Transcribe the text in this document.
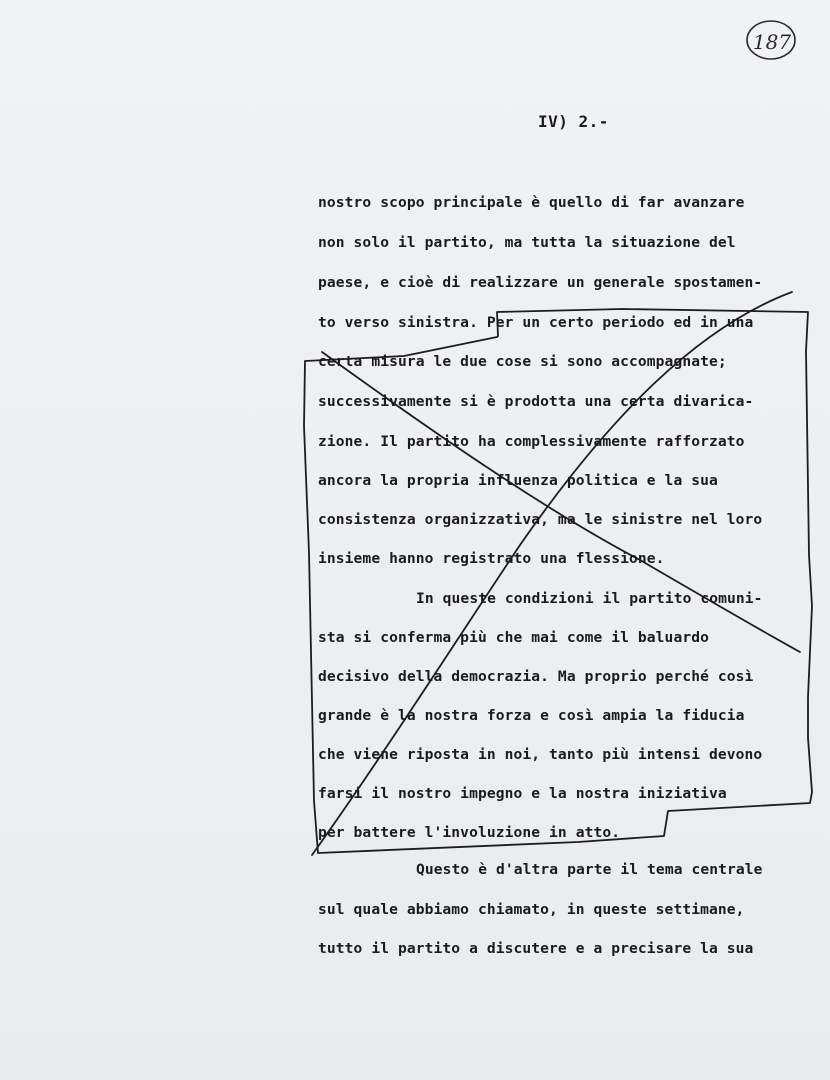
187
IV) 2.-
nostro scopo principale è quello di far avanzare
non solo il partito, ma tutta la situazione del
paese, e cioè di realizzare un generale spostamen-
to verso sinistra. Per un certo periodo ed in una
certa misura le due cose si sono accompagnate;
successivamente si è prodotta una certa divarica-
zione. Il partito ha complessivamente rafforzato
ancora la propria influenza politica e la sua
consistenza organizzativa, ma le sinistre nel loro
insieme hanno registrato una flessione.
In queste condizioni il partito comuni-
sta si conferma più che mai come il baluardo
decisivo della democrazia. Ma proprio perché così
grande è la nostra forza e così ampia la fiducia
che viene riposta in noi, tanto più intensi devono
farsi il nostro impegno e la nostra iniziativa
per battere l'involuzione in atto.
Questo è d'altra parte il tema centrale
sul quale abbiamo chiamato, in queste settimane,
tutto il partito a discutere e a precisare la sua
